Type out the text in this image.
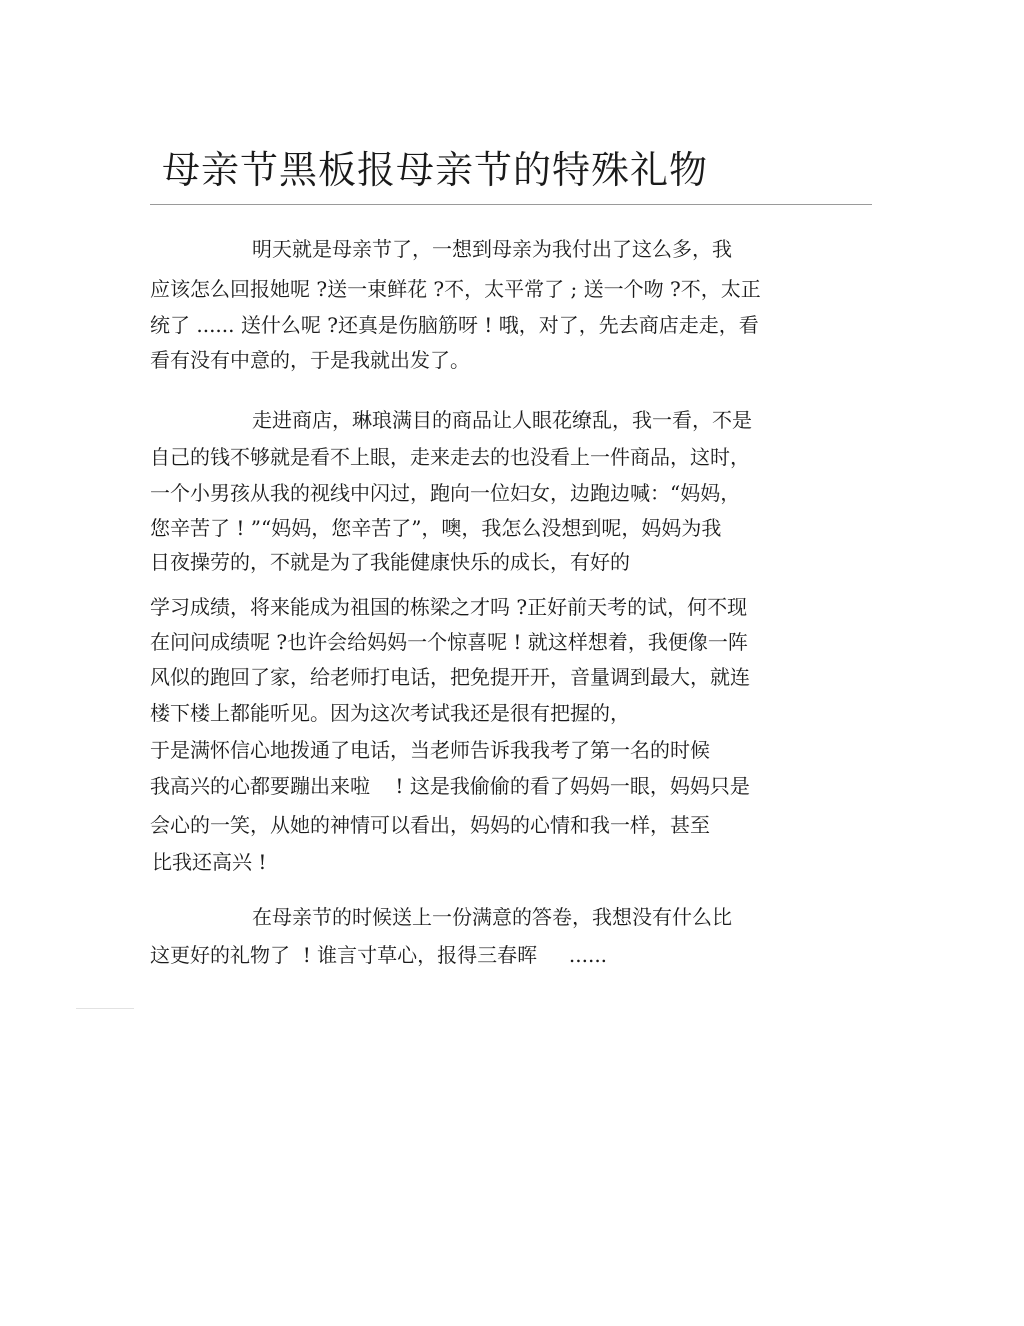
母亲节黑板报母亲节的特殊礼物
明天就是母亲节了，一想到母亲为我付出了这么多，我
应该怎么回报她呢 ?送一束鲜花 ?不，太平常了 ; 送一个吻 ?不，太正
统了 ...... 送什么呢 ?还真是伤脑筋呀 ! 哦，对了，先去商店走走，看
看有没有中意的，于是我就出发了。
走进商店，琳琅满目的商品让人眼花缭乱，我一看，不是
自己的钱不够就是看不上眼，走来走去的也没看上一件商品，这时，
一个小男孩从我的视线中闪过，跑向一位妇女，边跑边喊：“妈妈，
您辛苦了 ! ”“妈妈，您辛苦了”，噢，我怎么没想到呢，妈妈为我
日夜操劳的，不就是为了我能健康快乐的成长，有好的
学习成绩，将来能成为祖国的栋梁之才吗 ?正好前天考的试，何不现
在问问成绩呢 ?也许会给妈妈一个惊喜呢 ! 就这样想着，我便像一阵
风似的跑回了家，给老师打电话，把免提开开，音量调到最大，就连
楼下楼上都能听见。因为这次考试我还是很有把握的，
于是满怀信心地拨通了电话，当老师告诉我我考了第一名的时候
我高兴的心都要蹦出来啦    ! 这是我偷偷的看了妈妈一眼，妈妈只是
会心的一笑，从她的神情可以看出，妈妈的心情和我一样，甚至
比我还高兴 !
在母亲节的时候送上一份满意的答卷，我想没有什么比
这更好的礼物了  ! 谁言寸草心，报得三春晖     ......
